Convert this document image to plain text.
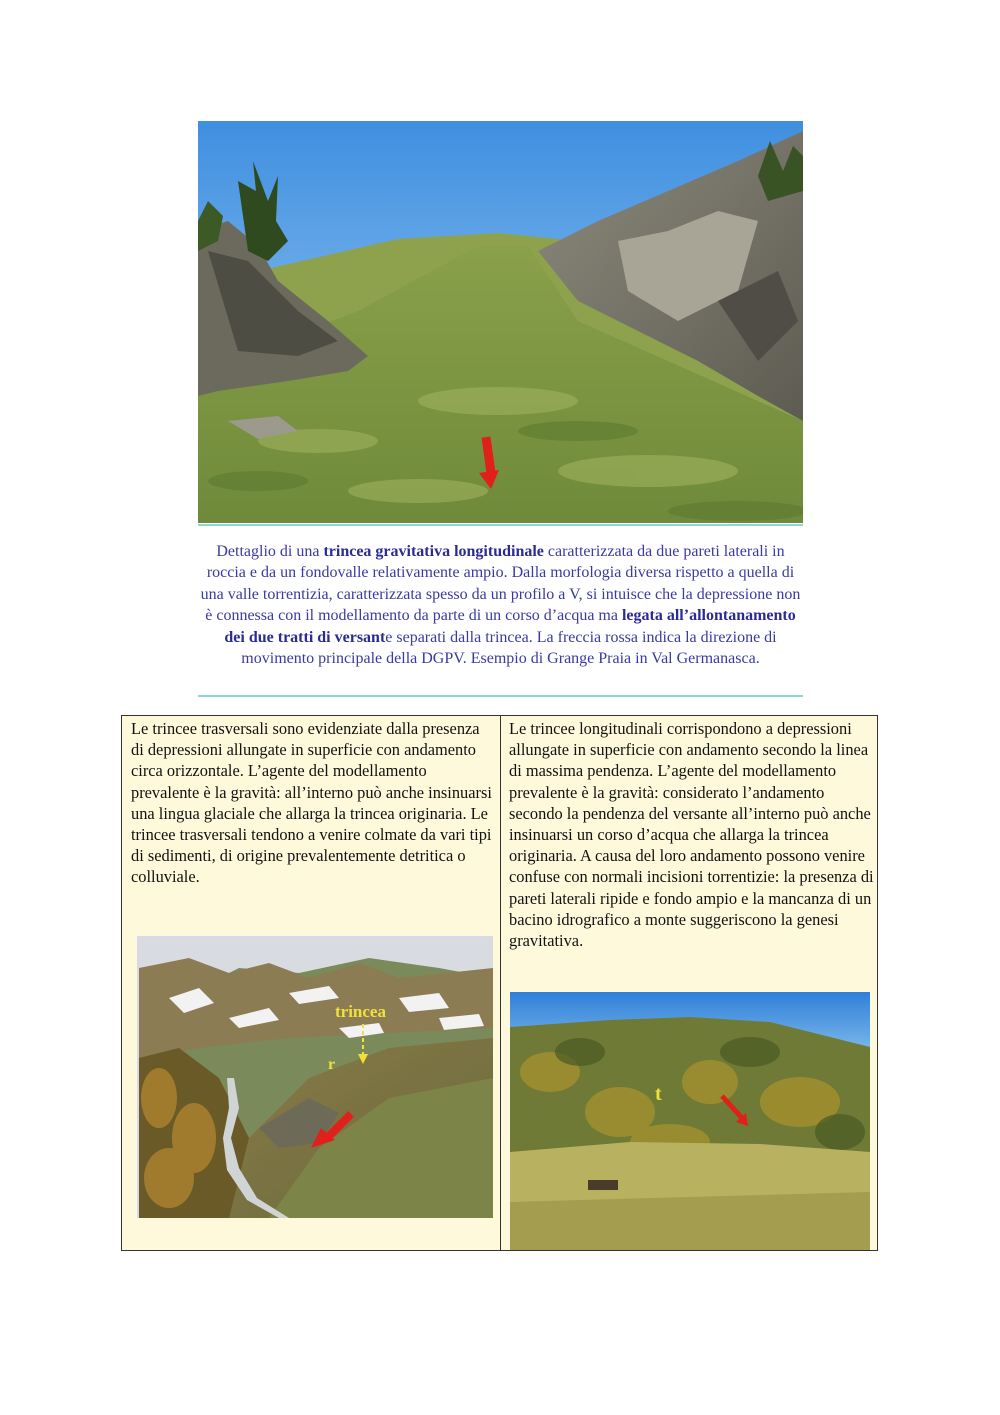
Dettaglio di una trincea gravitativa longitudinale caratterizzata da due pareti laterali in roccia e da un fondovalle relativamente ampio. Dalla morfologia diversa rispetto a quella di una valle torrentizia, caratterizzata spesso da un profilo a V, si intuisce che la depressione non è connessa con il modellamento da parte di un corso d’acqua ma legata all’allontanamento dei due tratti di versante separati dalla trincea. La freccia rossa indica la direzione di movimento principale della DGPV. Esempio di Grange Praia in Val Germanasca.
Le trincee trasversali sono evidenziate dalla presenza di depressioni allungate in superficie con andamento circa orizzontale. L’agente del modellamento prevalente è la gravità: all’interno può anche insinuarsi una lingua glaciale che allarga la trincea originaria. Le trincee trasversali tendono a venire colmate da vari tipi di sedimenti, di origine prevalentemente detritica o colluviale.
trincea
r
Le trincee longitudinali corrispondono a depressioni allungate in superficie con andamento secondo la linea di massima pendenza. L’agente del modellamento prevalente è la gravità: considerato l’andamento secondo la pendenza del versante all’interno può anche insinuarsi un corso d’acqua che allarga la trincea originaria. A causa del loro andamento possono venire confuse con normali incisioni torrentizie: la presenza di pareti laterali ripide e fondo ampio e la mancanza di un bacino idrografico a monte suggeriscono la genesi gravitativa.
t
